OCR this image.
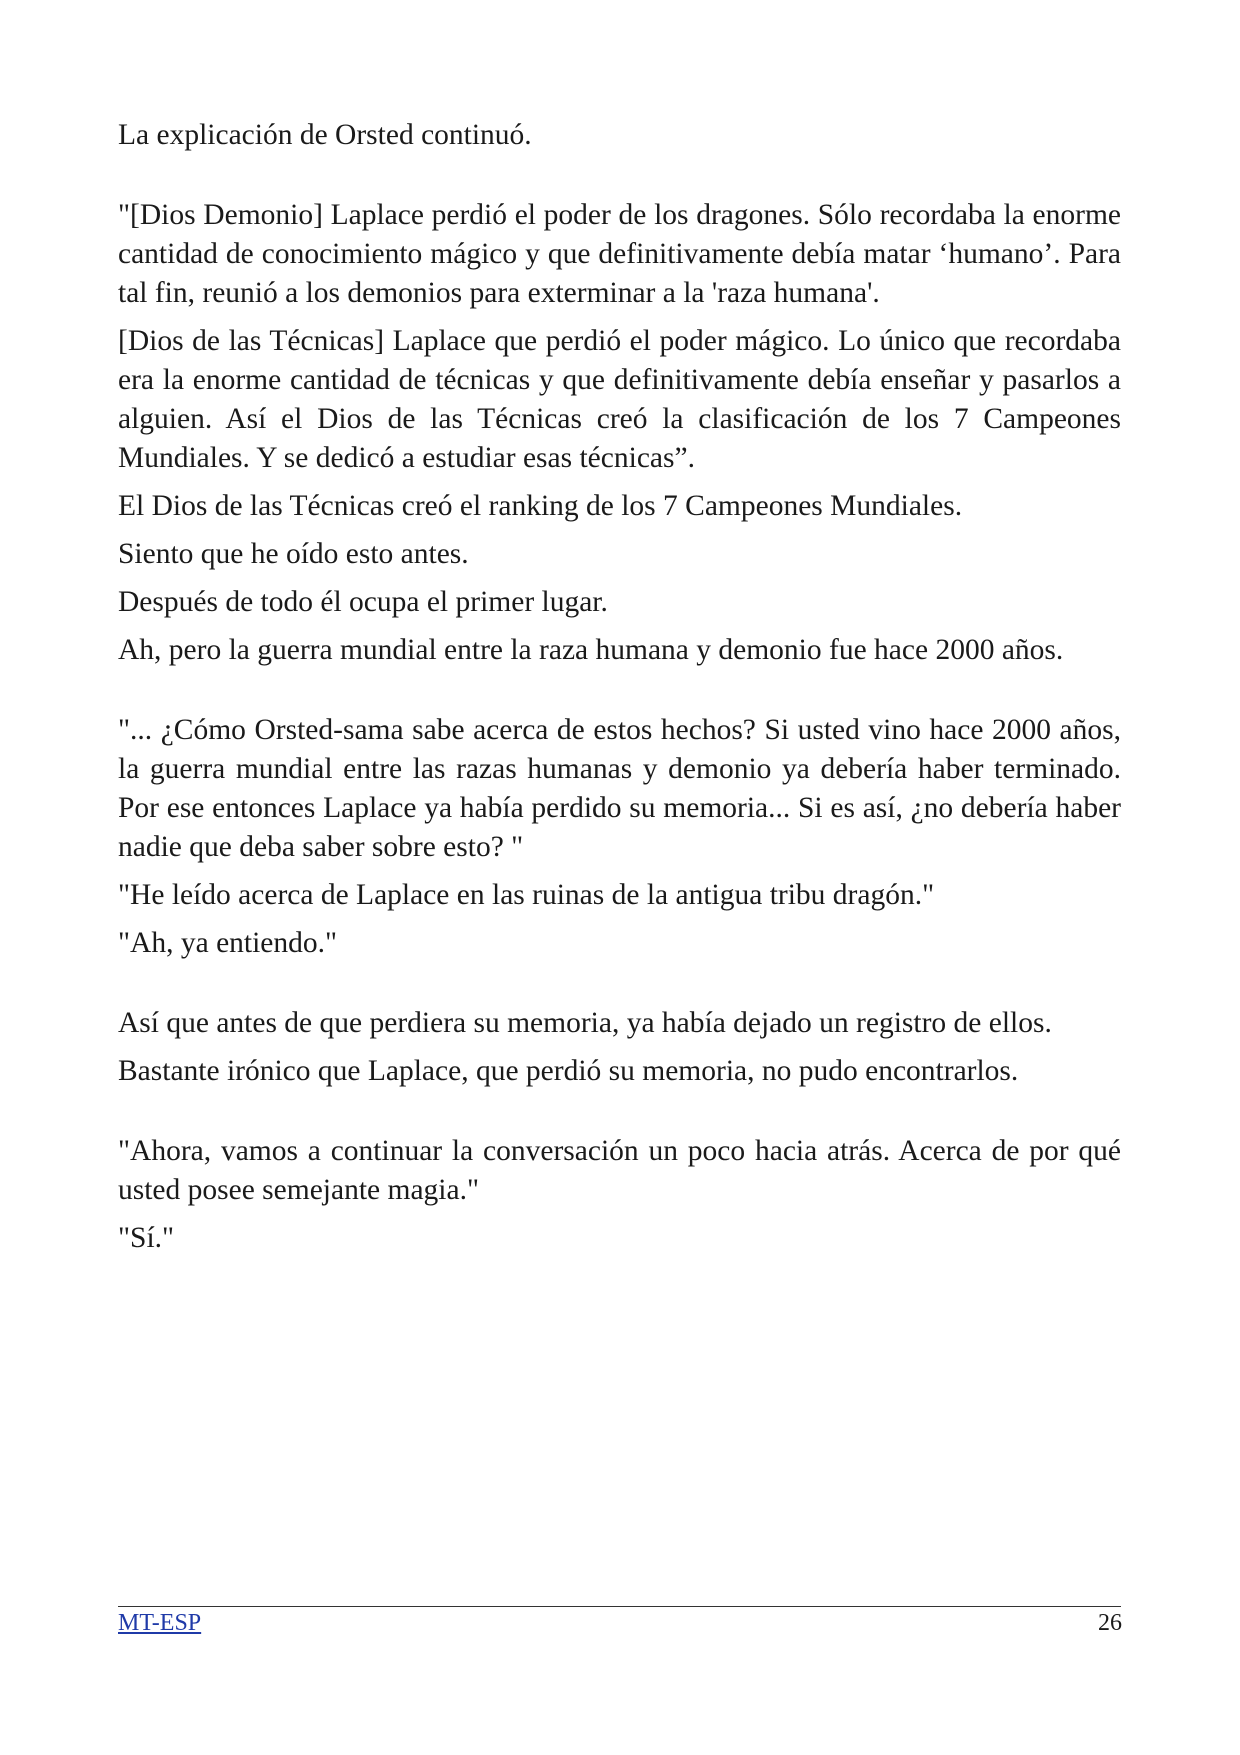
La explicación de Orsted continuó.

"[Dios Demonio] Laplace perdió el poder de los dragones. Sólo recordaba la enorme cantidad de conocimiento mágico y que definitivamente debía matar ‘humano’. Para tal fin, reunió a los demonios para exterminar a la 'raza humana'.

[Dios de las Técnicas] Laplace que perdió el poder mágico. Lo único que recordaba era la enorme cantidad de técnicas y que definitivamente debía enseñar y pasarlos a alguien. Así el Dios de las Técnicas creó la clasificación de los 7 Campeones Mundiales. Y se dedicó a estudiar esas técnicas”.

El Dios de las Técnicas creó el ranking de los 7 Campeones Mundiales.

Siento que he oído esto antes.

Después de todo él ocupa el primer lugar.

Ah, pero la guerra mundial entre la raza humana y demonio fue hace 2000 años.

"... ¿Cómo Orsted-sama sabe acerca de estos hechos? Si usted vino hace 2000 años, la guerra mundial entre las razas humanas y demonio ya debería haber terminado. Por ese entonces Laplace ya había perdido su memoria... Si es así, ¿no debería haber nadie que deba saber sobre esto? "

"He leído acerca de Laplace en las ruinas de la antigua tribu dragón."

"Ah, ya entiendo."

Así que antes de que perdiera su memoria, ya había dejado un registro de ellos.

Bastante irónico que Laplace, que perdió su memoria, no pudo encontrarlos.

"Ahora, vamos a continuar la conversación un poco hacia atrás. Acerca de por qué usted posee semejante magia."

"Sí."

MT-ESP	26
